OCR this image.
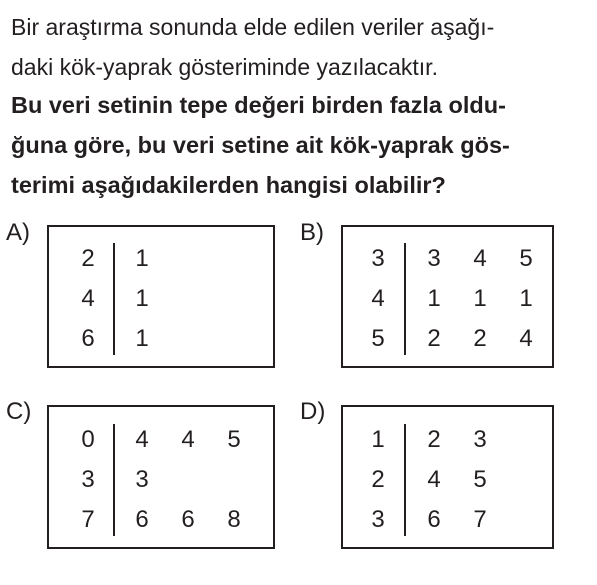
Bir araştırma sonunda elde edilen veriler aşağı-
daki kök-yaprak gösteriminde yazılacaktır.
Bu veri setinin tepe değeri birden fazla oldu-
ğuna göre, bu veri setine ait kök-yaprak gös-
terimi aşağıdakilerden hangisi olabilir?
A)	B)
C)	D)
2	1
4	1
6	1
3	3	4	5
4	1	1	1
5	2	2	4
0	4	4	5
3	3
7	6	6	8
1	2	3
2	4	5
3	6	7
